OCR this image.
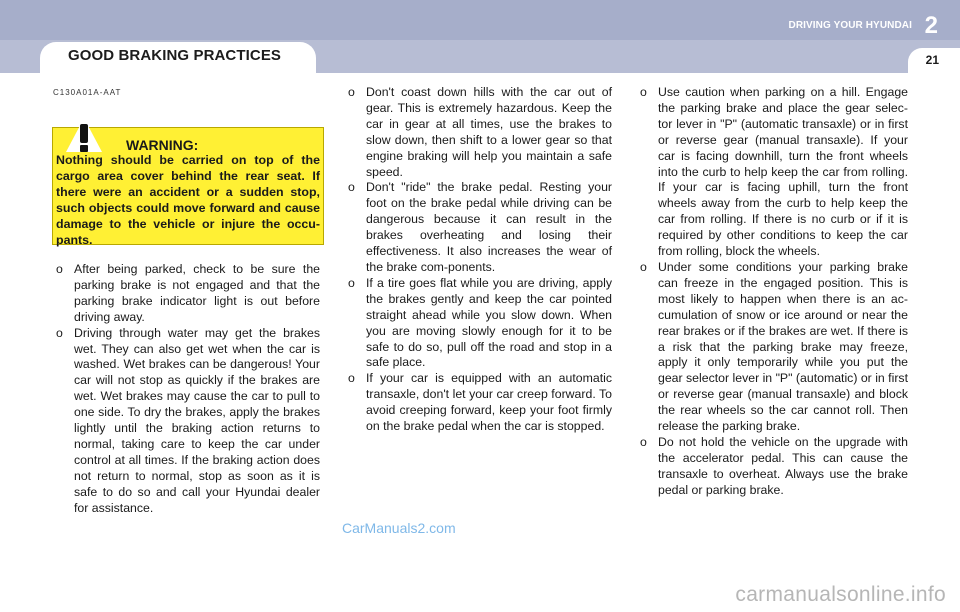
GOOD BRAKING PRACTICES
DRIVING YOUR HYUNDAI 2
21
C130A01A-AAT
WARNING:
Nothing should be carried on top of the cargo area cover behind the rear seat. If there were an accident or a sudden stop, such objects could move forward and cause damage to the vehicle or injure the occu-pants.
o After being parked, check to be sure the parking brake is not engaged and that the parking brake indicator light is out before driving away.
o Driving through water may get the brakes wet. They can also get wet when the car is washed. Wet brakes can be dangerous! Your car will not stop as quickly if the brakes are wet. Wet brakes may cause the car to pull to one side. To dry the brakes, apply the brakes lightly until the braking action returns to normal, taking care to keep the car under control at all times. If the braking action does not return to normal, stop as soon as it is safe to do so and call your Hyundai dealer for assistance.
o Don't coast down hills with the car out of gear. This is extremely hazardous. Keep the car in gear at all times, use the brakes to slow down, then shift to a lower gear so that engine braking will help you maintain a safe speed.
o Don't "ride" the brake pedal. Resting your foot on the brake pedal while driving can be dangerous because it can result in the brakes overheating and losing their effectiveness. It also increases the wear of the brake com-ponents.
o If a tire goes flat while you are driving, apply the brakes gently and keep the car pointed straight ahead while you slow down. When you are moving slowly enough for it to be safe to do so, pull off the road and stop in a safe place.
o If your car is equipped with an automatic transaxle, don't let your car creep forward. To avoid creeping forward, keep your foot firmly on the brake pedal when the car is stopped.
o Use caution when parking on a hill. Engage the parking brake and place the gear selec-tor lever in "P" (automatic transaxle) or in first or reverse gear (manual transaxle). If your car is facing downhill, turn the front wheels into the curb to help keep the car from rolling. If your car is facing uphill, turn the front wheels away from the curb to help keep the car from rolling. If there is no curb or if it is required by other conditions to keep the car from rolling, block the wheels.
o Under some conditions your parking brake can freeze in the engaged position. This is most likely to happen when there is an ac-cumulation of snow or ice around or near the rear brakes or if the brakes are wet. If there is a risk that the parking brake may freeze, apply it only temporarily while you put the gear selector lever in "P" (automatic) or in first or reverse gear (manual transaxle) and block the rear wheels so the car cannot roll. Then release the parking brake.
o Do not hold the vehicle on the upgrade with the accelerator pedal. This can cause the transaxle to overheat. Always use the brake pedal or parking brake.
CarManuals2.com
carmanualsonline.info
